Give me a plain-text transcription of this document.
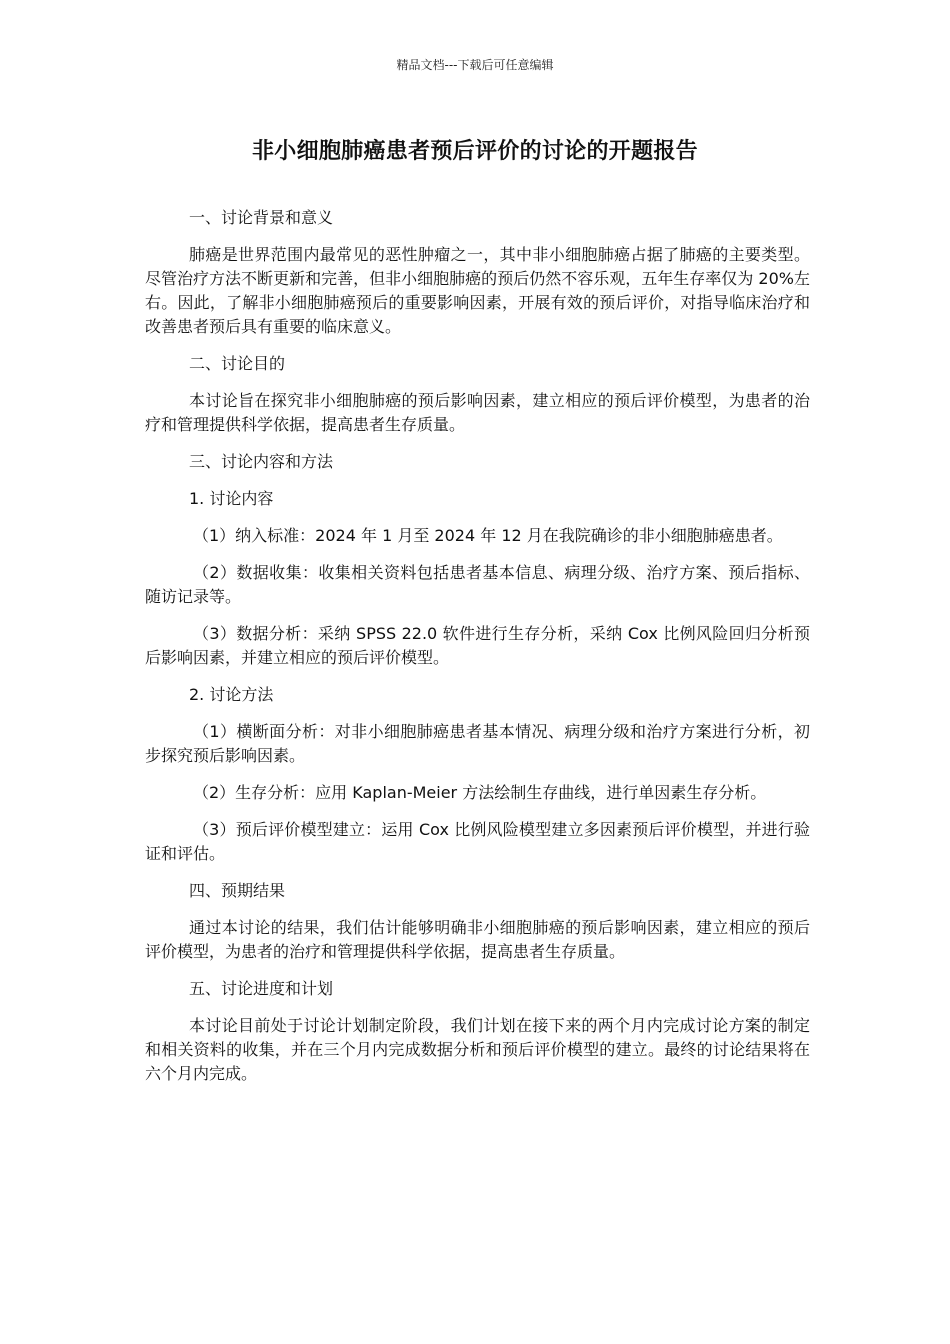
精品文档---下载后可任意编辑
非小细胞肺癌患者预后评价的讨论的开题报告

一、讨论背景和意义

肺癌是世界范围内最常见的恶性肿瘤之一，其中非小细胞肺癌占据了肺癌的主要类型。尽管治疗方法不断更新和完善，但非小细胞肺癌的预后仍然不容乐观，五年生存率仅为 20%左右。因此，了解非小细胞肺癌预后的重要影响因素，开展有效的预后评价，对指导临床治疗和改善患者预后具有重要的临床意义。

二、讨论目的

本讨论旨在探究非小细胞肺癌的预后影响因素，建立相应的预后评价模型，为患者的治疗和管理提供科学依据，提高患者生存质量。

三、讨论内容和方法

1. 讨论内容

（1）纳入标准：2024 年 1 月至 2024 年 12 月在我院确诊的非小细胞肺癌患者。

（2）数据收集：收集相关资料包括患者基本信息、病理分级、治疗方案、预后指标、随访记录等。

（3）数据分析：采纳 SPSS 22.0 软件进行生存分析，采纳 Cox 比例风险回归分析预后影响因素，并建立相应的预后评价模型。

2. 讨论方法

（1）横断面分析：对非小细胞肺癌患者基本情况、病理分级和治疗方案进行分析，初步探究预后影响因素。

（2）生存分析：应用 Kaplan-Meier 方法绘制生存曲线，进行单因素生存分析。

（3）预后评价模型建立：运用 Cox 比例风险模型建立多因素预后评价模型，并进行验证和评估。

四、预期结果

通过本讨论的结果，我们估计能够明确非小细胞肺癌的预后影响因素，建立相应的预后评价模型，为患者的治疗和管理提供科学依据，提高患者生存质量。

五、讨论进度和计划

本讨论目前处于讨论计划制定阶段，我们计划在接下来的两个月内完成讨论方案的制定和相关资料的收集，并在三个月内完成数据分析和预后评价模型的建立。最终的讨论结果将在六个月内完成。
